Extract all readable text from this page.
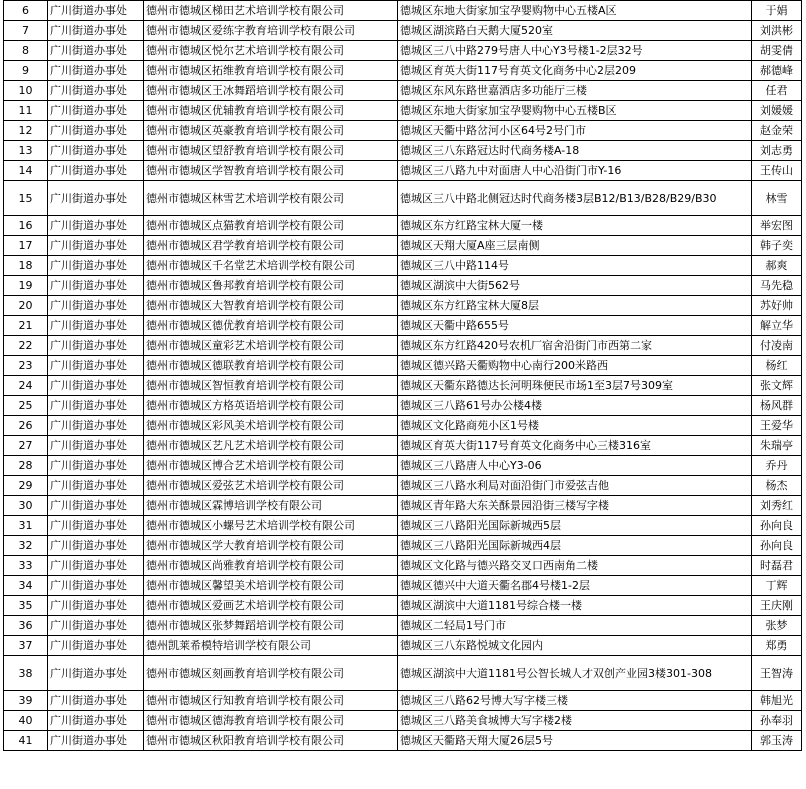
6	广川街道办事处	德州市德城区梯田艺术培训学校有限公司	德城区东地大街家加宝孕婴购物中心五楼A区	于娟
7	广川街道办事处	德州市德城区爱练字教育培训学校有限公司	德城区湖滨路白天鹅大厦520室	刘洪彬
8	广川街道办事处	德州市德城区悦尔艺术培训学校有限公司	德城区三八中路279号唐人中心Y3号楼1-2层32号	胡雯倩
9	广川街道办事处	德州市德城区拓维教育培训学校有限公司	德城区育英大街117号育英文化商务中心2层209	郝德峰
10	广川街道办事处	德州市德城区王冰舞蹈培训学校有限公司	德城区东风东路世嘉酒店多功能厅三楼	任君
11	广川街道办事处	德州市德城区优辅教育培训学校有限公司	德城区东地大街家加宝孕婴购物中心五楼B区	刘媛媛
12	广川街道办事处	德州市德城区英豪教育培训学校有限公司	德城区天衢中路岔河小区64号2号门市	赵金荣
13	广川街道办事处	德州市德城区望舒教育培训学校有限公司	德城区三八东路冠达时代商务楼A-18	刘志勇
14	广川街道办事处	德州市德城区学智教育培训学校有限公司	德城区三八路九中对面唐人中心沿街门市Y-16	王传山
15	广川街道办事处	德州市德城区林雪艺术培训学校有限公司	德城区三八中路北侧冠达时代商务楼3层B12/B13/B28/B29/B30	林雪
16	广川街道办事处	德州市德城区点猫教育培训学校有限公司	德城区东方红路宝林大厦一楼	举宏图
17	广川街道办事处	德州市德城区君学教育培训学校有限公司	德城区天翔大厦A座三层南侧	韩子奕
18	广川街道办事处	德州市德城区千名堂艺术培训学校有限公司	德城区三八中路114号	郝爽
19	广川街道办事处	德州市德城区鲁邦教育培训学校有限公司	德城区湖滨中大街562号	马先稳
20	广川街道办事处	德州市德城区大智教育培训学校有限公司	德城区东方红路宝林大厦8层	苏好帅
21	广川街道办事处	德州市德城区德优教育培训学校有限公司	德城区天衢中路655号	解立华
22	广川街道办事处	德州市德城区童彩艺术培训学校有限公司	德城区东方红路420号农机厂宿舍沿街门市西第二家	付凌南
23	广川街道办事处	德州市德城区德联教育培训学校有限公司	德城区德兴路天衢购物中心南行200米路西	杨红
24	广川街道办事处	德州市德城区智恒教育培训学校有限公司	德城区天衢东路德达长河明珠便民市场1至3层7号309室	张文辉
25	广川街道办事处	德州市德城区方格英语培训学校有限公司	德城区三八路61号办公楼4楼	杨风群
26	广川街道办事处	德州市德城区彩风美术培训学校有限公司	德城区文化路商苑小区1号楼	王爱华
27	广川街道办事处	德州市德城区艺凡艺术培训学校有限公司	德城区育英大街117号育英文化商务中心三楼316室	朱瑞亭
28	广川街道办事处	德州市德城区博合艺术培训学校有限公司	德城区三八路唐人中心Y3-06	乔丹
29	广川街道办事处	德州市德城区爱弦艺术培训学校有限公司	德城区三八路水利局对面沿街门市爱弦吉他	杨杰
30	广川街道办事处	德州市德城区霖博培训学校有限公司	德城区青年路大东关酥景园沿街三楼写字楼	刘秀红
31	广川街道办事处	德州市德城区小螺号艺术培训学校有限公司	德城区三八路阳光国际新城西5层	孙向良
32	广川街道办事处	德州市德城区学大教育培训学校有限公司	德城区三八路阳光国际新城西4层	孙向良
33	广川街道办事处	德州市德城区尚雅教育培训学校有限公司	德城区文化路与德兴路交叉口西南角二楼	时磊君
34	广川街道办事处	德州市德城区馨望美术培训学校有限公司	德城区德兴中大道天衢名郡4号楼1-2层	丁辉
35	广川街道办事处	德州市德城区爱画艺术培训学校有限公司	德城区湖滨中大道1181号综合楼一楼	王庆刚
36	广川街道办事处	德州市德城区张梦舞蹈培训学校有限公司	德城区二轻局1号门市	张梦
37	广川街道办事处	德州凯莱希模特培训学校有限公司	德城区三八东路悦城文化园内	郑勇
38	广川街道办事处	德州市德城区刻画教育培训学校有限公司	德城区湖滨中大道1181号公智长城人才双创产业园3楼301-308	王智涛
39	广川街道办事处	德州市德城区行知教育培训学校有限公司	德城区三八路62号博大写字楼三楼	韩旭光
40	广川街道办事处	德州市德城区德海教育培训学校有限公司	德城区三八路美食城博大写字楼2楼	孙奉羽
41	广川街道办事处	德州市德城区秋阳教育培训学校有限公司	德城区天衢路天翔大厦26层5号	郭玉涛
